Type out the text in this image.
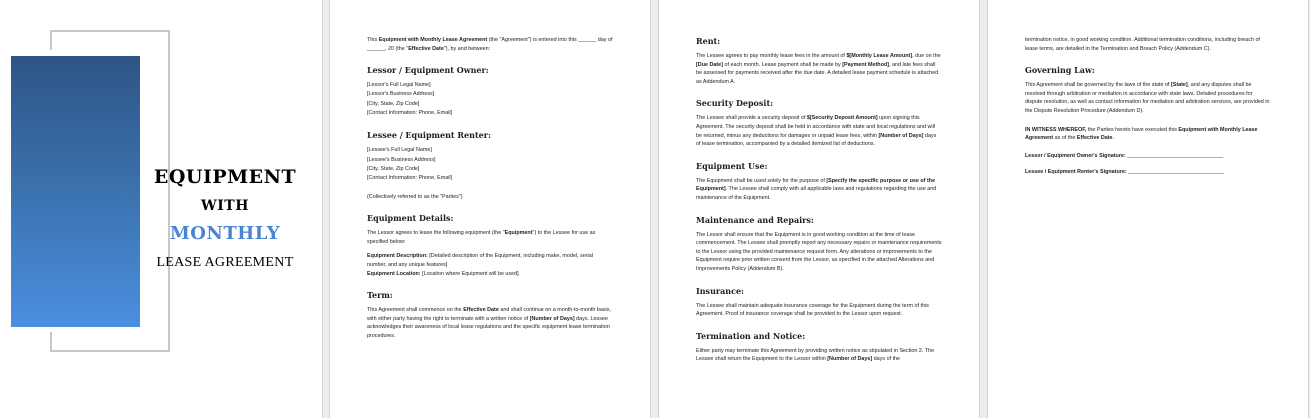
EQUIPMENT
WITH
MONTHLY
LEASE AGREEMENT

This Equipment with Monthly Lease Agreement (the "Agreement") is entered into this ______ day of ______, 20 (the "Effective Date"), by and between:

Lessor / Equipment Owner:
[Lessor's Full Legal Name]
[Lessor's Business Address]
[City, State, Zip Code]
[Contact Information: Phone, Email]
Lessee / Equipment Renter:
[Lessee's Full Legal Name]
[Lessee's Business Address]
[City, State, Zip Code]
[Contact Information: Phone, Email]

(Collectively referred to as the "Parties")

Equipment Details:

The Lessor agrees to lease the following equipment (the "Equipment") to the Lessee for use as specified below:

Equipment Description: [Detailed description of the Equipment, including make, model, serial number, and any unique features]

Equipment Location: [Location where Equipment will be used]

Term:

This Agreement shall commence on the Effective Date and shall continue on a month-to-month basis, with either party having the right to terminate with a written notice of [Number of Days] days. Lessee acknowledges their awareness of local lease regulations and the specific equipment lease termination procedures.

Rent:

The Lessee agrees to pay monthly lease fees in the amount of $[Monthly Lease Amount], due on the [Due Date] of each month. Lease payment shall be made by [Payment Method], and late fees shall be assessed for payments received after the due date. A detailed lease payment schedule is attached as Addendum A.

Security Deposit:

The Lessee shall provide a security deposit of $[Security Deposit Amount] upon signing this Agreement. The security deposit shall be held in accordance with state and local regulations and will be returned, minus any deductions for damages or unpaid lease fees, within [Number of Days] days of lease termination, accompanied by a detailed itemized list of deductions.

Equipment Use:

The Equipment shall be used solely for the purpose of [Specify the specific purpose or use of the Equipment]. The Lessee shall comply with all applicable laws and regulations regarding the use and maintenance of the Equipment.

Maintenance and Repairs:

The Lessor shall ensure that the Equipment is in good working condition at the time of lease commencement. The Lessee shall promptly report any necessary repairs or maintenance requirements to the Lessor using the provided maintenance request form. Any alterations or improvements to the Equipment require prior written consent from the Lessor, as specified in the attached Alterations and Improvements Policy (Addendum B).

Insurance:

The Lessee shall maintain adequate insurance coverage for the Equipment during the term of this Agreement. Proof of insurance coverage shall be provided to the Lessor upon request.

Termination and Notice:

Either party may terminate this Agreement by providing written notice as stipulated in Section 2. The Lessee shall return the Equipment to the Lessor within [Number of Days] days of the

termination notice, in good working condition. Additional termination conditions, including breach of lease terms, are detailed in the Termination and Breach Policy (Addendum C).

Governing Law:

This Agreement shall be governed by the laws of the state of [State], and any disputes shall be resolved through arbitration or mediation in accordance with state laws. Detailed procedures for dispute resolution, as well as contact information for mediation and arbitration services, are provided in the Dispute Resolution Procedure (Addendum D).

IN WITNESS WHEREOF, the Parties hereto have executed this Equipment with Monthly Lease Agreement as of the Effective Date.

Lessor / Equipment Owner's Signature: ________________________________

Lessee / Equipment Renter's Signature: ________________________________
